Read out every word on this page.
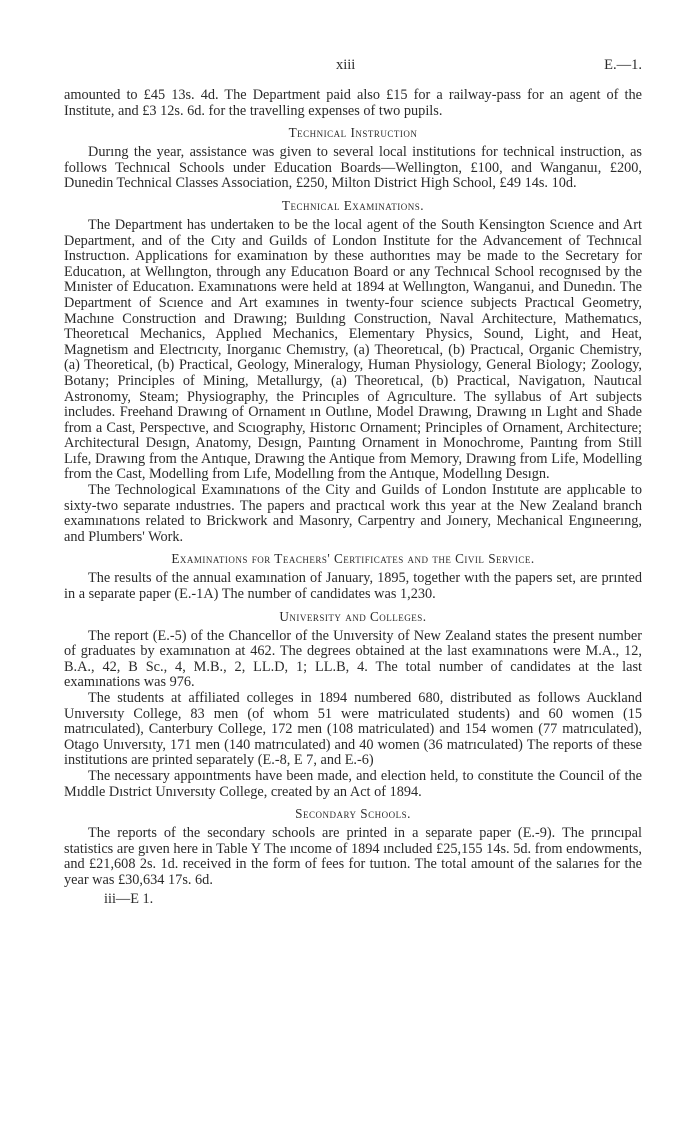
xiii	E.—1.

amounted to £45 13s. 4d. The Department paid also £15 for a railway-pass for an agent of the Institute, and £3 12s. 6d. for the travelling expenses of two pupils.

Technical Instruction

Durıng the year, assistance was given to several local institutions for technical instruction, as follows Technıcal Schools under Education Boards—Wellington, £100, and Wanganuı, £200, Dunedin Technical Classes Association, £250, Milton District High School, £49 14s. 10d.

Technical Examinations.

The Department has undertaken to be the local agent of the South Kensington Scıence and Art Department, and of the Cıty and Guilds of London Institute for the Advancement of Technıcal Instructıon. Applications for examinatıon by these authorıtıes may be made to the Secretary for Educatıon, at Wellıngton, through any Educatıon Board or any Technıcal School recognısed by the Mınister of Educatıon. Examınatıons were held at 1894 at Wellıngton, Wanganui, and Dunedın. The Department of Scıence and Art examınes in twenty-four science subjects Practıcal Geometry, Machıne Construction and Drawıng; Buıldıng Construction, Naval Architecture, Mathematıcs, Theoretıcal Mechanics, Applıed Mechanics, Elementary Physics, Sound, Light, and Heat, Magnetism and Electrıcıty, Inorganıc Chemıstry, (a) Theoretıcal, (b) Practıcal, Organic Chemistry, (a) Theoretical, (b) Practical, Geology, Mineralogy, Human Physiology, General Biology; Zoology, Botany; Principles of Mining, Metallurgy, (a) Theoretıcal, (b) Practical, Navigatıon, Nautıcal Astronomy, Steam; Physiography, the Princıples of Agrıculture. The syllabus of Art subjects includes. Freehand Drawıng of Ornament ın Outlıne, Model Drawıng, Drawıng ın Lıght and Shade from a Cast, Perspectıve, and Scıography, Historıc Ornament; Principles of Ornament, Architecture; Architectural Desıgn, Anatomy, Desıgn, Paıntıng Ornament in Monochrome, Paıntıng from Still Lıfe, Drawıng from the Antıque, Drawıng the Antique from Memory, Drawıng from Life, Modelling from the Cast, Modelling from Lıfe, Modellıng from the Antıque, Modellıng Desıgn.

The Technological Examınatıons of the City and Guilds of London Instıtute are applıcable to sixty-two separate ındustrıes. The papers and practıcal work thıs year at the New Zealand branch examınatıons related to Brickwork and Masonry, Carpentry and Joınery, Mechanical Engıneerıng, and Plumbers' Work.

Examinations for Teachers' Certificates and the Civil Service.

The results of the annual examınation of January, 1895, together wıth the papers set, are prınted in a separate paper (E.-1A) The number of candidates was 1,230.

University and Colleges.

The report (E.-5) of the Chancellor of the Unıversity of New Zealand states the present number of graduates by examınatıon at 462. The degrees obtained at the last examınatıons were M.A., 12, B.A., 42, B Sc., 4, M.B., 2, LL.D, 1; LL.B, 4. The total number of candidates at the last examınations was 976.

The students at affiliated colleges in 1894 numbered 680, distributed as follows Auckland Unıversıty College, 83 men (of whom 51 were matriculated students) and 60 women (15 matrıculated), Canterbury College, 172 men (108 matriculated) and 154 women (77 matrıculated), Otago Unıversıty, 171 men (140 matrıculated) and 40 women (36 matrıculated) The reports of these institutions are printed separately (E.-8, E 7, and E.-6)

The necessary appoıntments have been made, and election held, to constitute the Council of the Mıddle Dıstrict Unıversıty College, created by an Act of 1894.

Secondary Schools.

The reports of the secondary schools are printed in a separate paper (E.-9). The prıncıpal statistics are gıven here in Table Y The ıncome of 1894 ıncluded £25,155 14s. 5d. from endowments, and £21,608 2s. 1d. received in the form of fees for tuıtıon. The total amount of the salarıes for the year was £30,634 17s. 6d.

iii—E 1.
